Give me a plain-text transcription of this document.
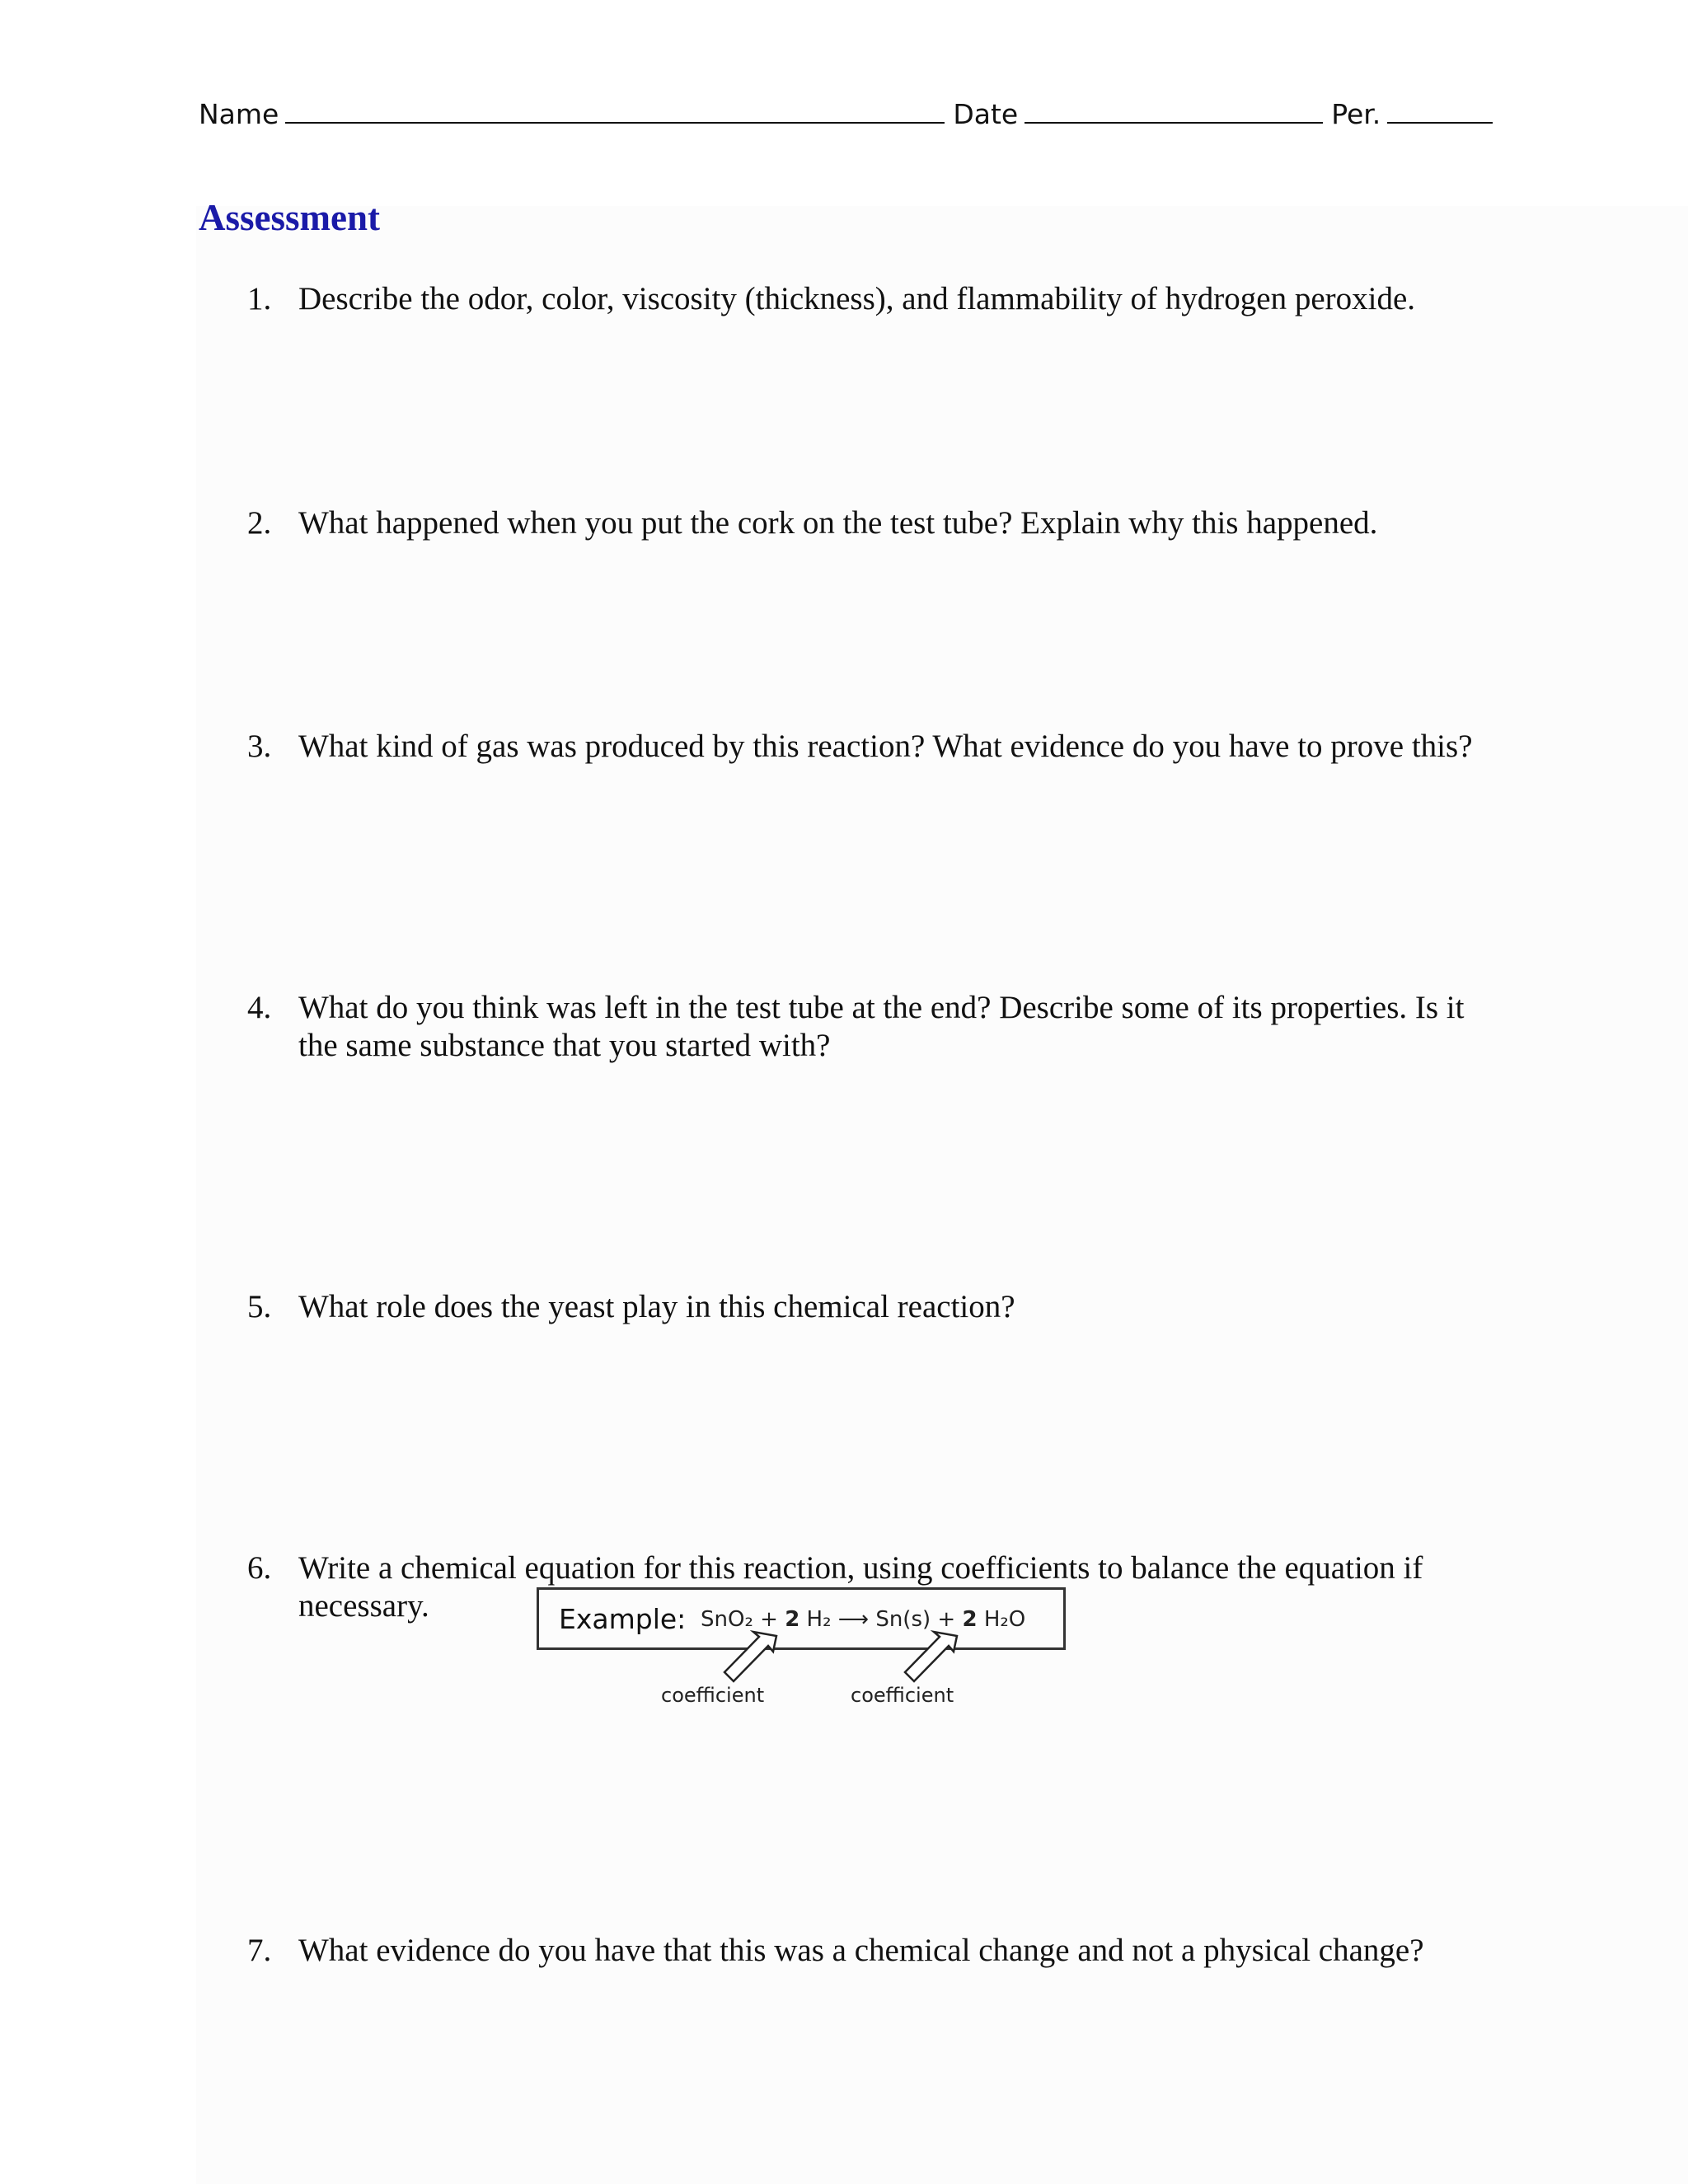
Name	Date	Per.
Assessment
1. Describe the odor, color, viscosity (thickness), and flammability of hydrogen peroxide.
2. What happened when you put the cork on the test tube? Explain why this happened.
3. What kind of gas was produced by this reaction? What evidence do you have to prove this?
4. What do you think was left in the test tube at the end? Describe some of its properties. Is it the same substance that you started with?
5. What role does the yeast play in this chemical reaction?
6. Write a chemical equation for this reaction, using coefficients to balance the equation if necessary.	Example: SnO₂ + 2 H₂ ⟶ Sn(s) + 2 H₂O
coefficient	coefficient
7. What evidence do you have that this was a chemical change and not a physical change?
